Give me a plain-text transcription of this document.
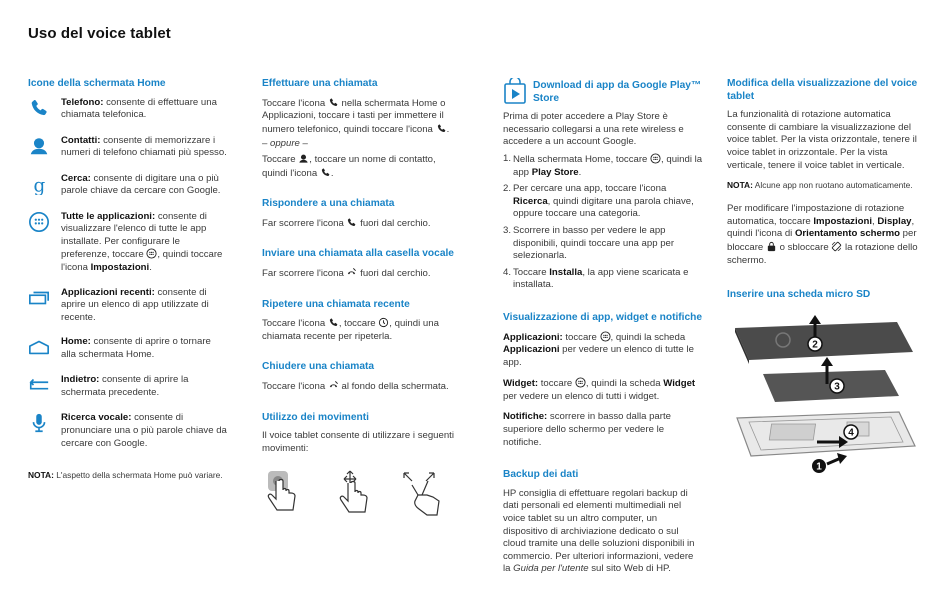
Uso del voice tablet
Icone della schermata Home

Telefono: consente di effettuare una chiamata telefonica.

Contatti: consente di memorizzare i numeri di telefono chiamati più spesso.

g Cerca: consente di digitare una o più parole chiave da cercare con Google.

Tutte le applicazioni: consente di visualizzare l'elenco di tutte le app installate. Per configurare le preferenze, toccare , quindi toccare l'icona Impostazioni.

Applicazioni recenti: consente di aprire un elenco di app utilizzate di recente.

Home: consente di aprire o tornare alla schermata Home.

Indietro: consente di aprire la schermata precedente.

Ricerca vocale: consente di pronunciare una o più parole chiave da cercare con Google.

NOTA: L'aspetto della schermata Home può variare.

Effettuare una chiamata

Toccare l'icona  nella schermata Home o Applicazioni, toccare i tasti per immettere il numero telefonico, quindi toccare l'icona .

– oppure –

Toccare , toccare un nome di contatto, quindi l'icona .

Rispondere a una chiamata

Far scorrere l'icona  fuori dal cerchio.

Inviare una chiamata alla casella vocale

Far scorrere l'icona  fuori dal cerchio.

Ripetere una chiamata recente

Toccare l'icona , toccare , quindi una chiamata recente per ripeterla.

Chiudere una chiamata

Toccare l'icona  al fondo della schermata.

Utilizzo dei movimenti

Il voice tablet consente di utilizzare i seguenti movimenti:

Download di app da Google Play™ Store

Prima di poter accedere a Play Store è necessario collegarsi a una rete wireless e accedere a un account Google.

1. Nella schermata Home, toccare , quindi la app Play Store.
2. Per cercare una app, toccare l'icona Ricerca, quindi digitare una parola chiave, oppure toccare una categoria.
3. Scorrere in basso per vedere le app disponibili, quindi toccare una app per selezionarla.
4. Toccare Installa, la app viene scaricata e installata.
Visualizzazione di app, widget e notifiche

Applicazioni: toccare , quindi la scheda Applicazioni per vedere un elenco di tutte le app.

Widget: toccare , quindi la scheda Widget per vedere un elenco di tutti i widget.

Notifiche: scorrere in basso dalla parte superiore dello schermo per vedere le notifiche.

Backup dei dati

HP consiglia di effettuare regolari backup di dati personali ed elementi multimediali nel voice tablet su un altro computer, un dispositivo di archiviazione dedicato o sul cloud tramite una delle soluzioni disponibili in commercio. Per ulteriori informazioni, vedere la Guida per l'utente sul sito Web di HP.

Modifica della visualizzazione del voice tablet

La funzionalità di rotazione automatica consente di cambiare la visualizzazione del voice tablet. Per la vista orizzontale, tenere il voice tablet in orizzontale. Per la vista verticale, tenere il voice tablet in verticale.

NOTA: Alcune app non ruotano automaticamente.

Per modificare l'impostazione di rotazione automatica, toccare Impostazioni, Display, quindi l'icona di Orientamento schermo per bloccare  o sbloccare  la rotazione dello schermo.

Inserire una scheda micro SD
2
3
4
1
